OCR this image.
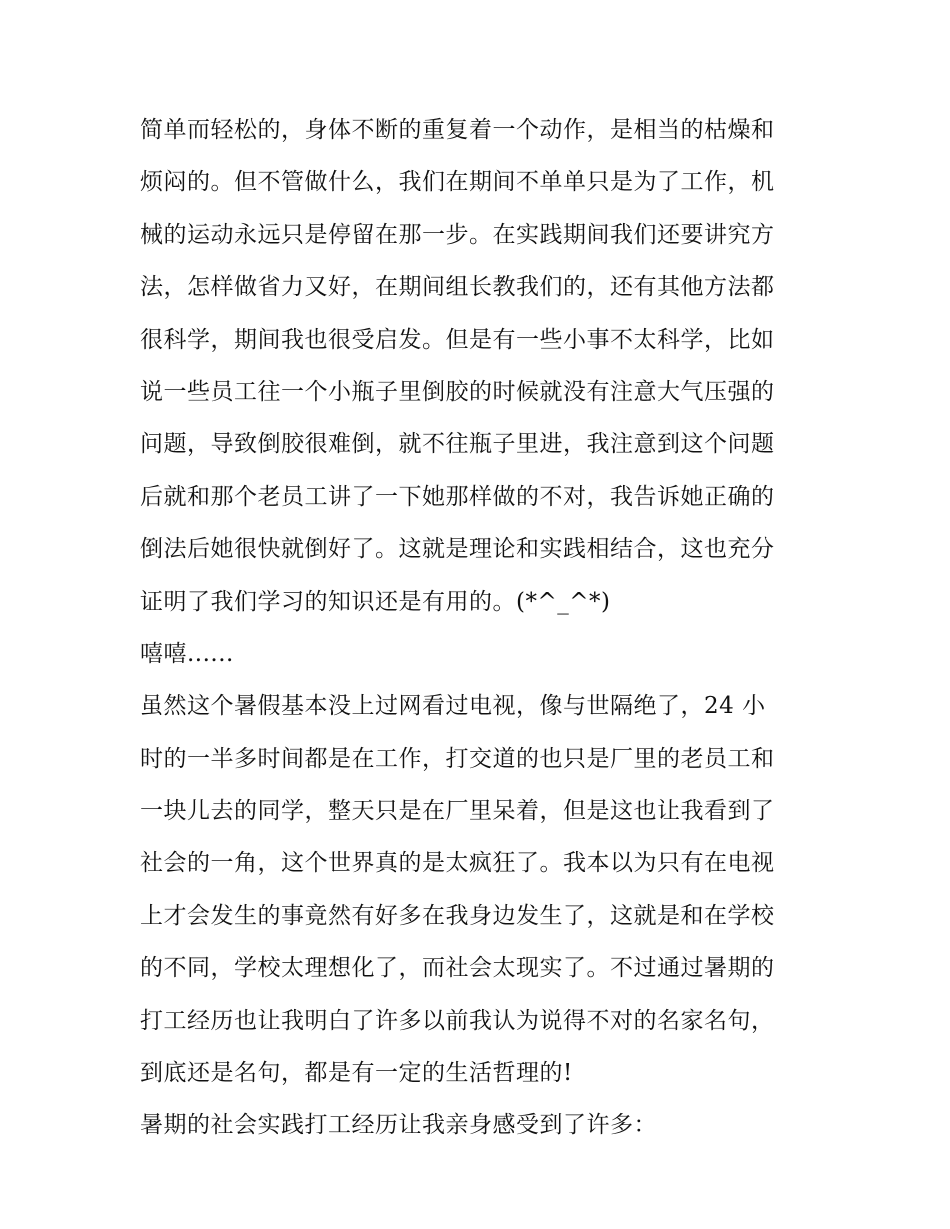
简单而轻松的，身体不断的重复着一个动作，是相当的枯燥和
烦闷的。但不管做什么，我们在期间不单单只是为了工作，机
械的运动永远只是停留在那一步。在实践期间我们还要讲究方
法，怎样做省力又好，在期间组长教我们的，还有其他方法都
很科学，期间我也很受启发。但是有一些小事不太科学，比如
说一些员工往一个小瓶子里倒胶的时候就没有注意大气压强的
问题，导致倒胶很难倒，就不往瓶子里进，我注意到这个问题
后就和那个老员工讲了一下她那样做的不对，我告诉她正确的
倒法后她很快就倒好了。这就是理论和实践相结合，这也充分
证明了我们学习的知识还是有用的。(*^_^*)
嘻嘻......
虽然这个暑假基本没上过网看过电视，像与世隔绝了，24 小
时的一半多时间都是在工作，打交道的也只是厂里的老员工和
一块儿去的同学，整天只是在厂里呆着，但是这也让我看到了
社会的一角，这个世界真的是太疯狂了。我本以为只有在电视
上才会发生的事竟然有好多在我身边发生了，这就是和在学校
的不同，学校太理想化了，而社会太现实了。不过通过暑期的
打工经历也让我明白了许多以前我认为说得不对的名家名句，
到底还是名句，都是有一定的生活哲理的!
暑期的社会实践打工经历让我亲身感受到了许多：
